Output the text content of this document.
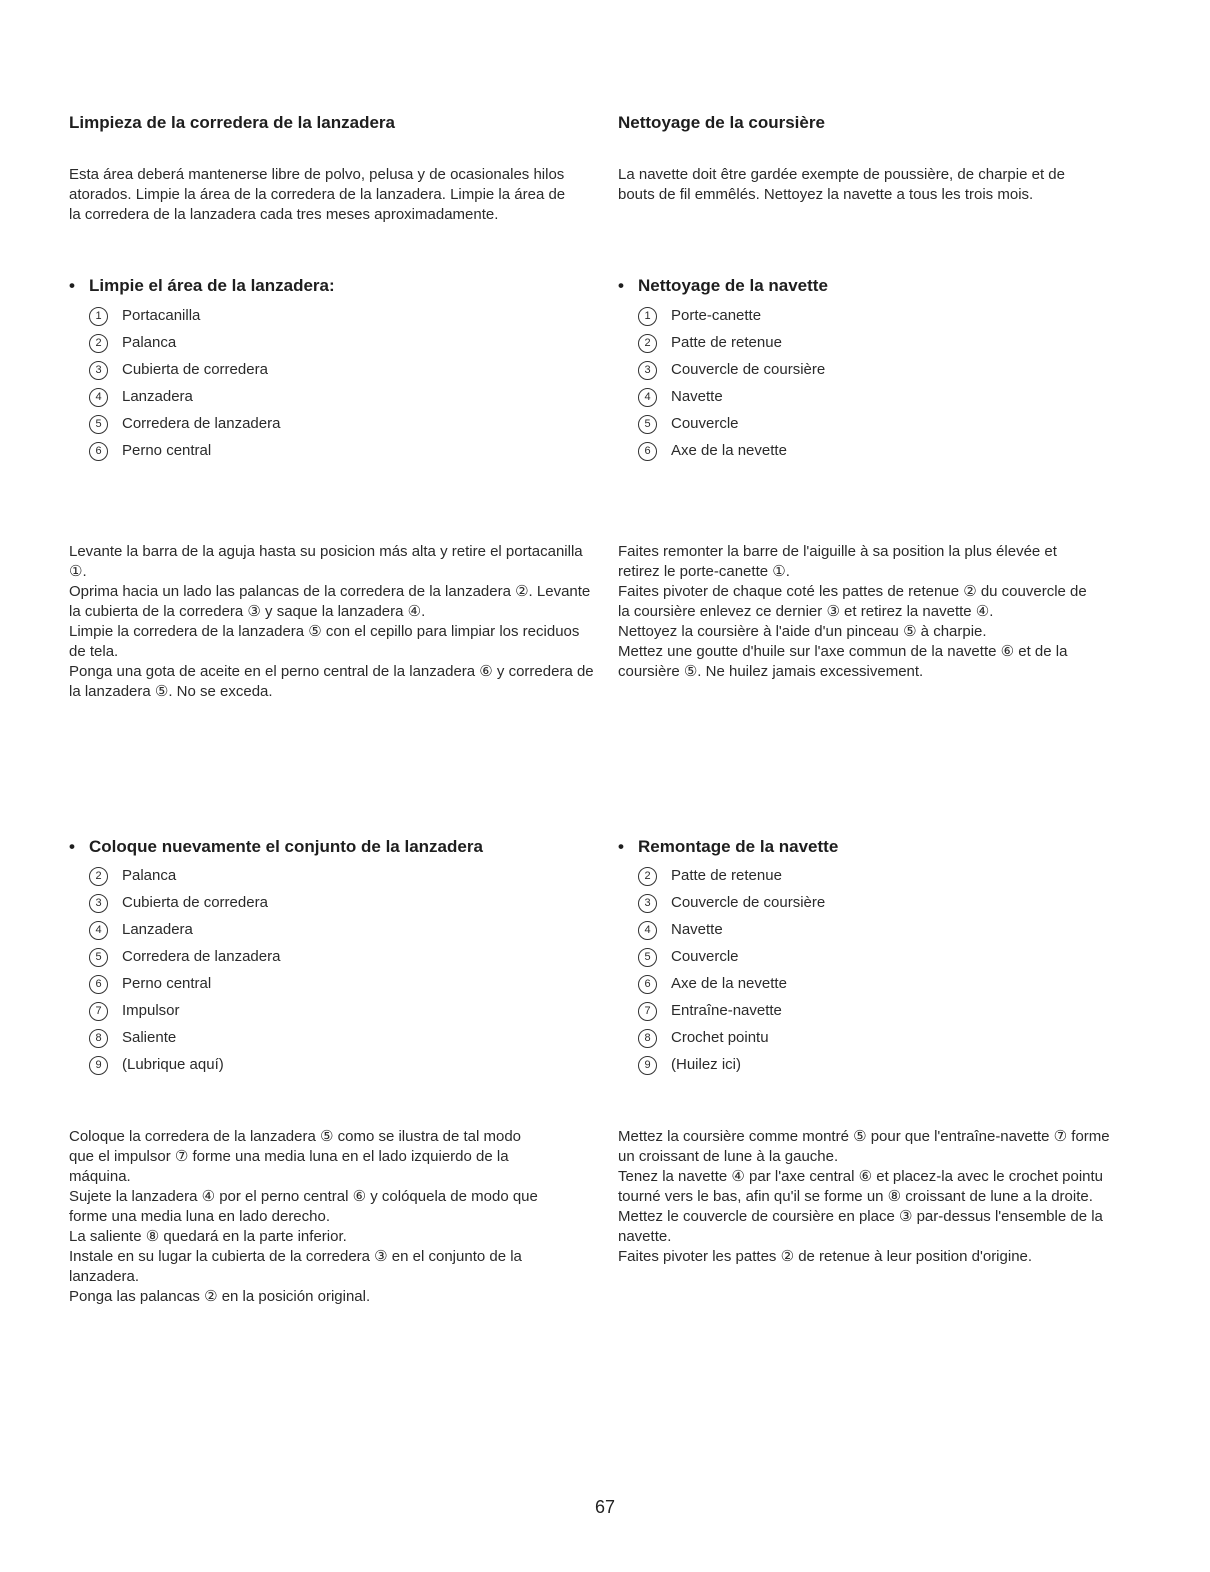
Limpieza de la corredera de la lanzadera

Esta área deberá mantenerse libre de polvo, pelusa y de ocasionales hilos atorados. Limpie la área de la corredera de la lanzadera. Limpie la área de la corredera de la lanzadera cada tres meses aproximadamente.

• Limpie el área de la lanzadera:
1	Portacanilla
2	Palanca
3	Cubierta de corredera
4	Lanzadera
5	Corredera de lanzadera
6	Perno central

Levante la barra de la aguja hasta su posicion más alta y retire el portacanilla ①.

Oprima hacia un lado las palancas de la corredera de la lanzadera ②. Levante la cubierta de la corredera ③ y saque la lanzadera ④.

Limpie la corredera de la lanzadera ⑤ con el cepillo para limpiar los reciduos de tela.

Ponga una gota de aceite en el perno central de la lanzadera ⑥ y corredera de la lanzadera ⑤. No se exceda.

• Coloque nuevamente el conjunto de la lanzadera
2	Palanca
3	Cubierta de corredera
4	Lanzadera
5	Corredera de lanzadera
6	Perno central
7	Impulsor
8	Saliente
9	(Lubrique aquí)

Coloque la corredera de la lanzadera ⑤ como se ilustra de tal modo que el impulsor ⑦ forme una media luna en el lado izquierdo de la máquina.

Sujete la lanzadera ④ por el perno central ⑥ y colóquela de modo que forme una media luna en lado derecho.

La saliente ⑧ quedará en la parte inferior.

Instale en su lugar la cubierta de la corredera ③ en el conjunto de la lanzadera.

Ponga las palancas ② en la posición original.

Nettoyage de la coursière

La navette doit être gardée exempte de poussière, de charpie et de bouts de fil emmêlés. Nettoyez la navette a tous les trois mois.

• Nettoyage de la navette
1	Porte-canette
2	Patte de retenue
3	Couvercle de coursière
4	Navette
5	Couvercle
6	Axe de la nevette

Faites remonter la barre de l'aiguille à sa position la plus élevée et retirez le porte-canette ①.

Faites pivoter de chaque coté les pattes de retenue ② du couvercle de la coursière enlevez ce dernier ③ et retirez la navette ④.

Nettoyez la coursière à l'aide d'un pinceau ⑤ à charpie.

Mettez une goutte d'huile sur l'axe commun de la navette ⑥ et de la coursière ⑤. Ne huilez jamais excessivement.

• Remontage de la navette
2	Patte de retenue
3	Couvercle de coursière
4	Navette
5	Couvercle
6	Axe de la nevette
7	Entraîne-navette
8	Crochet pointu
9	(Huilez ici)

Mettez la coursière comme montré ⑤ pour que l'entraîne-navette ⑦ forme un croissant de lune à la gauche.

Tenez la navette ④ par l'axe central ⑥ et placez-la avec le crochet pointu tourné vers le bas, afin qu'il se forme un ⑧ croissant de lune a la droite.

Mettez le couvercle de coursière en place ③ par-dessus l'ensemble de la navette.

Faites pivoter les pattes ② de retenue à leur position d'origine.

67
